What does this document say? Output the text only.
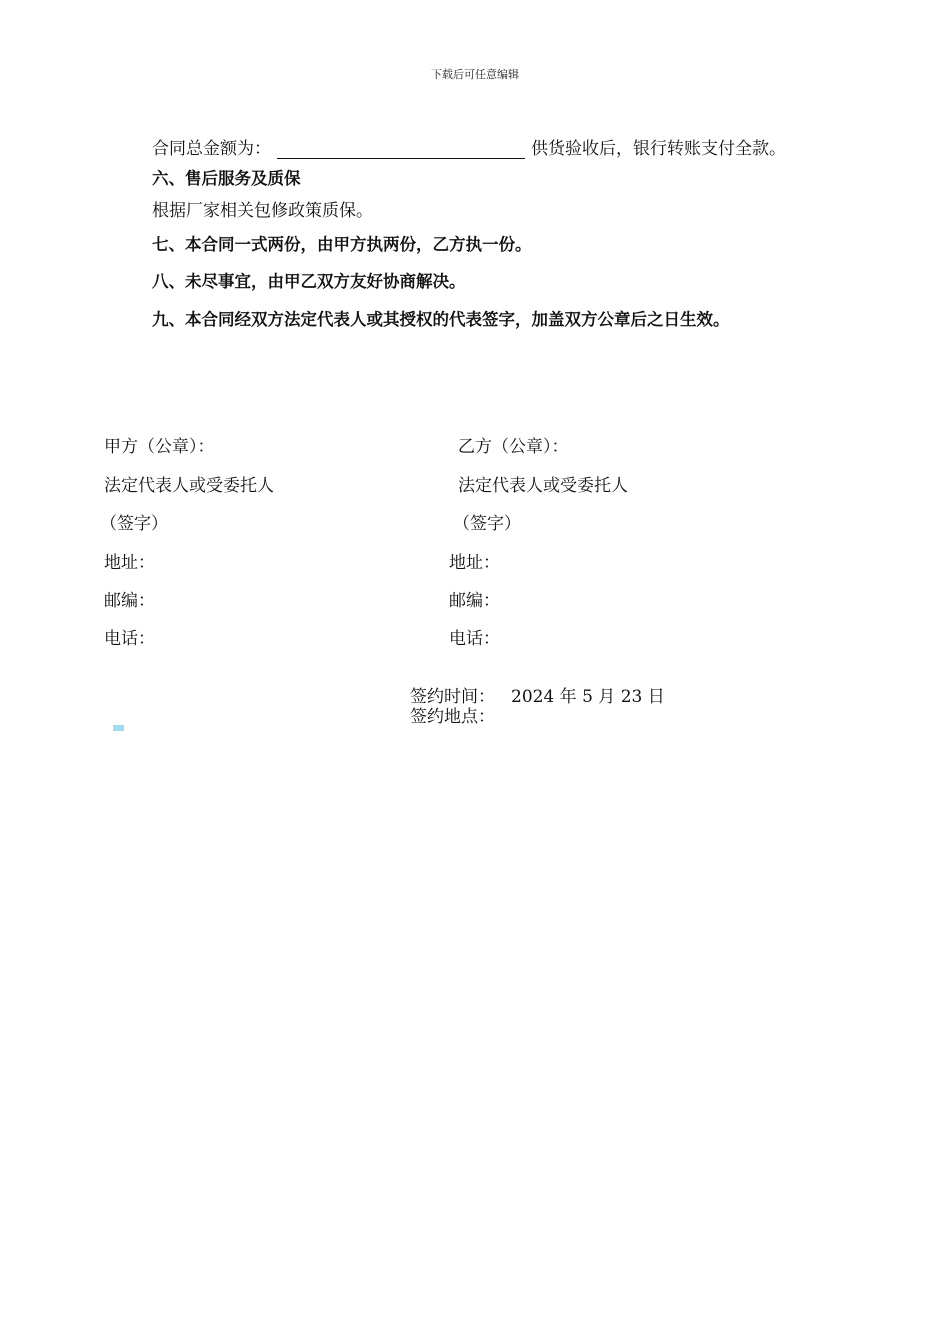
下载后可任意编辑
合同总金额为：	供货验收后，银行转账支付全款。
六、售后服务及质保
根据厂家相关包修政策质保。
七、本合同一式两份，由甲方执两份，乙方执一份。
八、未尽事宜，由甲乙双方友好协商解决。
九、本合同经双方法定代表人或其授权的代表签字，加盖双方公章后之日生效。
甲方（公章）：
法定代表人或受委托人
（签字）
地址：
邮编：
电话：
乙方（公章）：
法定代表人或受委托人
（签字）
地址：
邮编：
电话：
签约时间： 2024 年 5 月 23 日
签约地点：
